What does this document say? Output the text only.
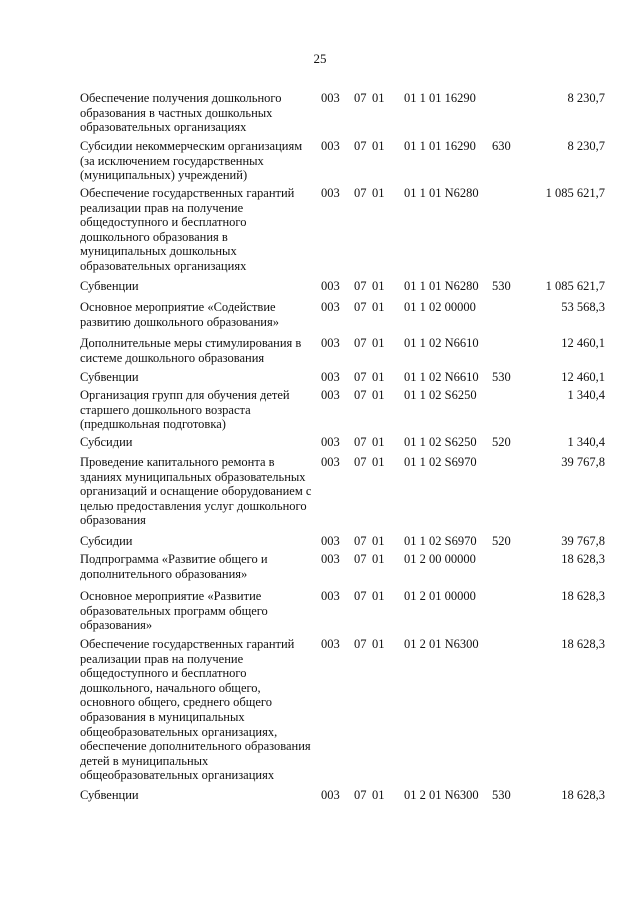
25
Обеспечение получения дошкольного образования в частных дошкольных образовательных организациях
003 07 01 01 1 01 16290	8 230,7
Субсидии некоммерческим организациям (за исключением государственных (муниципальных) учреждений)
003 07 01 01 1 01 16290 630	8 230,7
Обеспечение государственных гарантий реализации прав на получение общедоступного и бесплатного дошкольного образования в муниципальных дошкольных образовательных организациях
003 07 01 01 1 01 N6280	1 085 621,7
Субвенции	003 07 01 01 1 01 N6280 530	1 085 621,7
Основное мероприятие «Содействие развитию дошкольного образования»
003 07 01 01 1 02 00000	53 568,3
Дополнительные меры стимулирования в системе дошкольного образования
003 07 01 01 1 02 N6610	12 460,1
Субвенции	003 07 01 01 1 02 N6610 530	12 460,1
Организация групп для обучения детей старшего дошкольного возраста (предшкольная подготовка)
003 07 01 01 1 02 S6250	1 340,4
Субсидии	003 07 01 01 1 02 S6250 520	1 340,4
Проведение капитального ремонта в зданиях муниципальных образовательных организаций и оснащение оборудованием с целью предоставления услуг дошкольного образования
003 07 01 01 1 02 S6970	39 767,8
Субсидии	003 07 01 01 1 02 S6970 520	39 767,8
Подпрограмма «Развитие общего и дополнительного образования»
003 07 01 01 2 00 00000	18 628,3
Основное мероприятие «Развитие образовательных программ общего образования»
003 07 01 01 2 01 00000	18 628,3
Обеспечение государственных гарантий реализации прав на получение общедоступного и бесплатного дошкольного, начального общего, основного общего, среднего общего образования в муниципальных общеобразовательных организациях, обеспечение дополнительного образования детей в муниципальных общеобразовательных организациях
003 07 01 01 2 01 N6300	18 628,3
Субвенции	003 07 01 01 2 01 N6300 530	18 628,3
